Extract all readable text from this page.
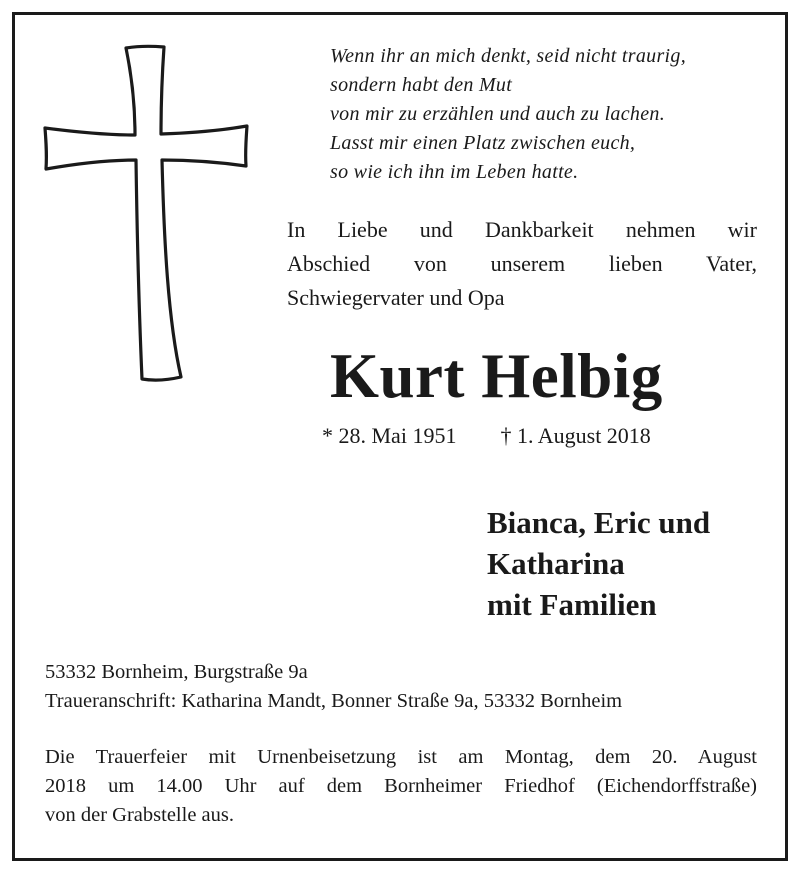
Wenn ihr an mich denkt, seid nicht traurig,
sondern habt den Mut
von mir zu erzählen und auch zu lachen.
Lasst mir einen Platz zwischen euch,
so wie ich ihn im Leben hatte.
In Liebe und Dankbarkeit nehmen wir
Abschied von unserem lieben Vater,
Schwiegervater und Opa
Kurt Helbig
* 28. Mai 1951 † 1. August 2018
Bianca, Eric und
Katharina
mit Familien
53332 Bornheim, Burgstraße 9a
Traueranschrift: Katharina Mandt, Bonner Straße 9a, 53332 Bornheim
Die Trauerfeier mit Urnenbeisetzung ist am Montag, dem 20. August
2018 um 14.00 Uhr auf dem Bornheimer Friedhof (Eichendorffstraße)
von der Grabstelle aus.
